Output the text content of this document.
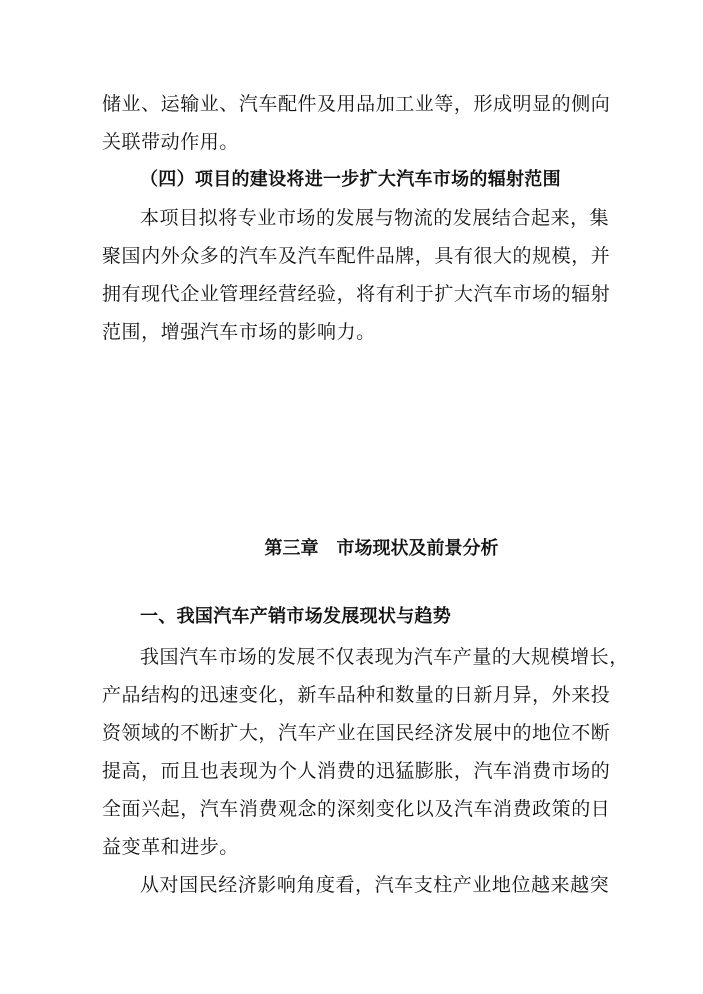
储业、运输业、汽车配件及用品加工业等，形成明显的侧向
关联带动作用。
（四）项目的建设将进一步扩大汽车市场的辐射范围
本项目拟将专业市场的发展与物流的发展结合起来，集
聚国内外众多的汽车及汽车配件品牌，具有很大的规模，并
拥有现代企业管理经营经验，将有利于扩大汽车市场的辐射
范围，增强汽车市场的影响力。
第三章 市场现状及前景分析
一、我国汽车产销市场发展现状与趋势
我国汽车市场的发展不仅表现为汽车产量的大规模增长，
产品结构的迅速变化，新车品种和数量的日新月异，外来投
资领域的不断扩大，汽车产业在国民经济发展中的地位不断
提高，而且也表现为个人消费的迅猛膨胀，汽车消费市场的
全面兴起，汽车消费观念的深刻变化以及汽车消费政策的日
益变革和进步。
从对国民经济影响角度看，汽车支柱产业地位越来越突
